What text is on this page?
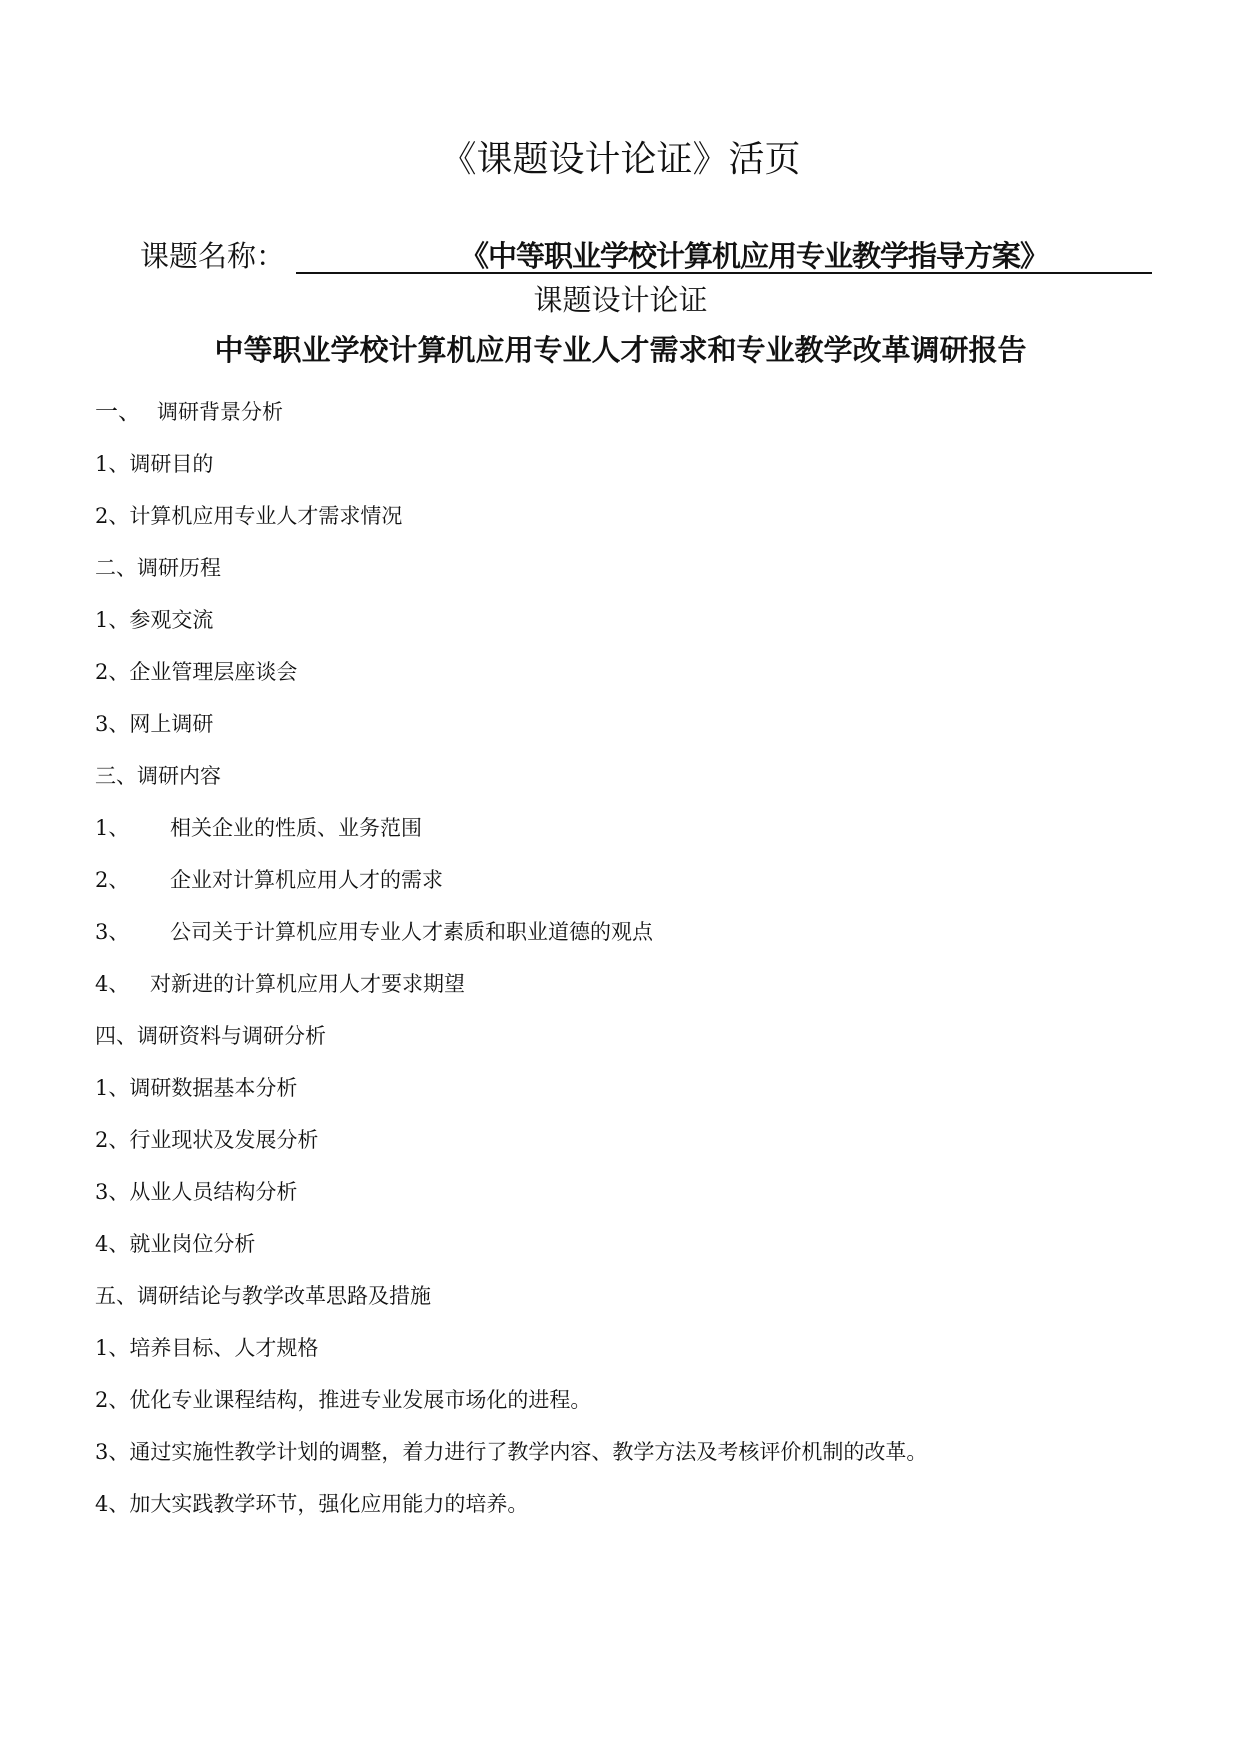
《课题设计论证》活页
课题名称：	《中等职业学校计算机应用专业教学指导方案》
课题设计论证
中等职业学校计算机应用专业人才需求和专业教学改革调研报告
一、 调研背景分析
1、调研目的
2、计算机应用专业人才需求情况
二、调研历程
1、参观交流
2、企业管理层座谈会
3、网上调研
三、调研内容
1、 相关企业的性质、业务范围
2、 企业对计算机应用人才的需求
3、 公司关于计算机应用专业人才素质和职业道德的观点
4、 对新进的计算机应用人才要求期望
四、调研资料与调研分析
1、调研数据基本分析
2、行业现状及发展分析
3、从业人员结构分析
4、就业岗位分析
五、调研结论与教学改革思路及措施
1、培养目标、人才规格
2、优化专业课程结构，推进专业发展市场化的进程。
3、通过实施性教学计划的调整，着力进行了教学内容、教学方法及考核评价机制的改革。
4、加大实践教学环节，强化应用能力的培养。
